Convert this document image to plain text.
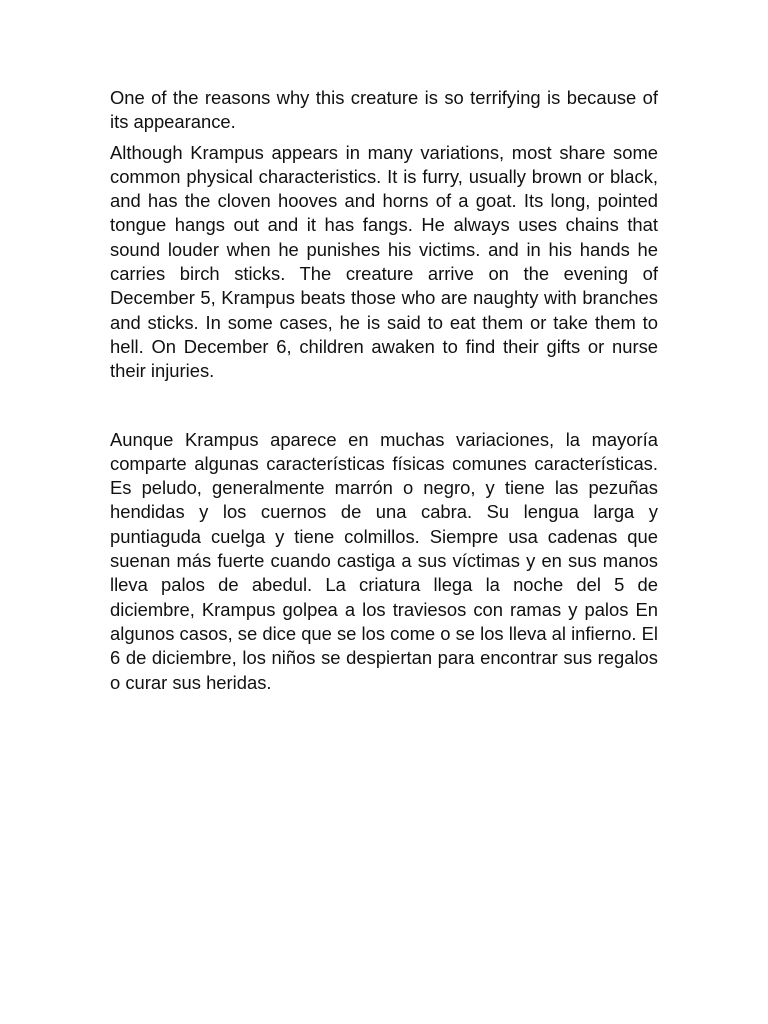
One of the reasons why this creature is so terrifying is because of its appearance.

Although Krampus appears in many variations, most share some common physical characteristics. It is furry, usually brown or black, and has the cloven hooves and horns of a goat. Its long, pointed tongue hangs out and it has fangs. He always uses chains that sound louder when he punishes his victims. and in his hands he carries birch sticks. The creature arrive on the evening of December 5, Krampus beats those who are naughty with branches and sticks. In some cases, he is said to eat them or take them to hell. On December 6, children awaken to find their gifts or nurse their injuries.

Aunque Krampus aparece en muchas variaciones, la mayoría comparte algunas características físicas comunes características. Es peludo, generalmente marrón o negro, y tiene las pezuñas hendidas y los cuernos de una cabra. Su lengua larga y puntiaguda cuelga y tiene colmillos. Siempre usa cadenas que suenan más fuerte cuando castiga a sus víctimas y en sus manos lleva palos de abedul. La criatura llega la noche del 5 de diciembre, Krampus golpea a los traviesos con ramas y palos En algunos casos, se dice que se los come o se los lleva al infierno. El 6 de diciembre, los niños se despiertan para encontrar sus regalos o curar sus heridas.
